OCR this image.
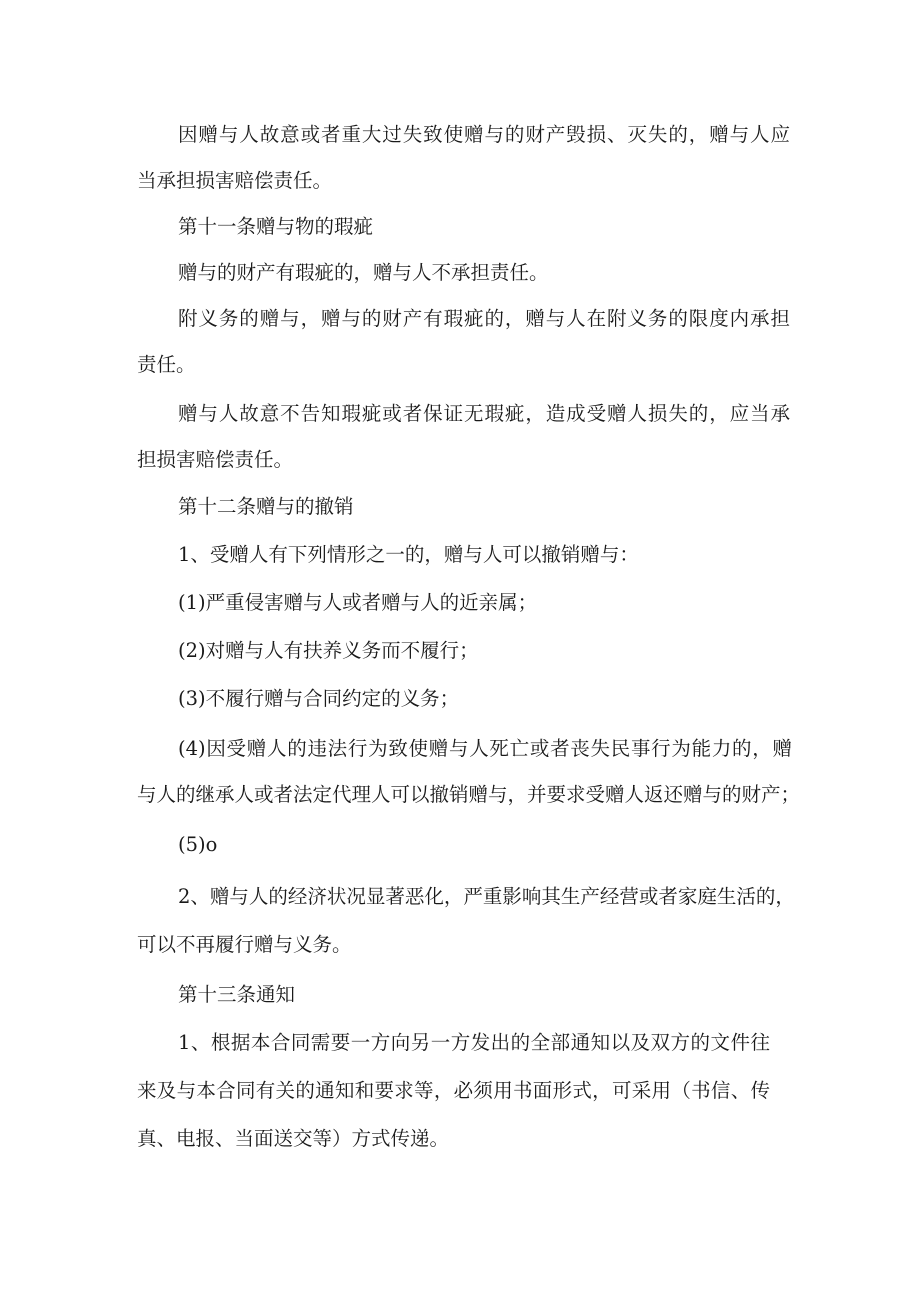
因赠与人故意或者重大过失致使赠与的财产毁损、灭失的，赠与人应
当承担损害赔偿责任。
第十一条赠与物的瑕疵
赠与的财产有瑕疵的，赠与人不承担责任。
附义务的赠与，赠与的财产有瑕疵的，赠与人在附义务的限度内承担
责任。
赠与人故意不告知瑕疵或者保证无瑕疵，造成受赠人损失的，应当承
担损害赔偿责任。
第十二条赠与的撤销
1、受赠人有下列情形之一的，赠与人可以撤销赠与：
(1)严重侵害赠与人或者赠与人的近亲属；
(2)对赠与人有扶养义务而不履行；
(3)不履行赠与合同约定的义务；
(4)因受赠人的违法行为致使赠与人死亡或者丧失民事行为能力的，赠
与人的继承人或者法定代理人可以撤销赠与，并要求受赠人返还赠与的财产；
(5)o
2、赠与人的经济状况显著恶化，严重影响其生产经营或者家庭生活的，
可以不再履行赠与义务。
第十三条通知
1、根据本合同需要一方向另一方发出的全部通知以及双方的文件往
来及与本合同有关的通知和要求等，必须用书面形式，可采用（书信、传
真、电报、当面送交等）方式传递。
